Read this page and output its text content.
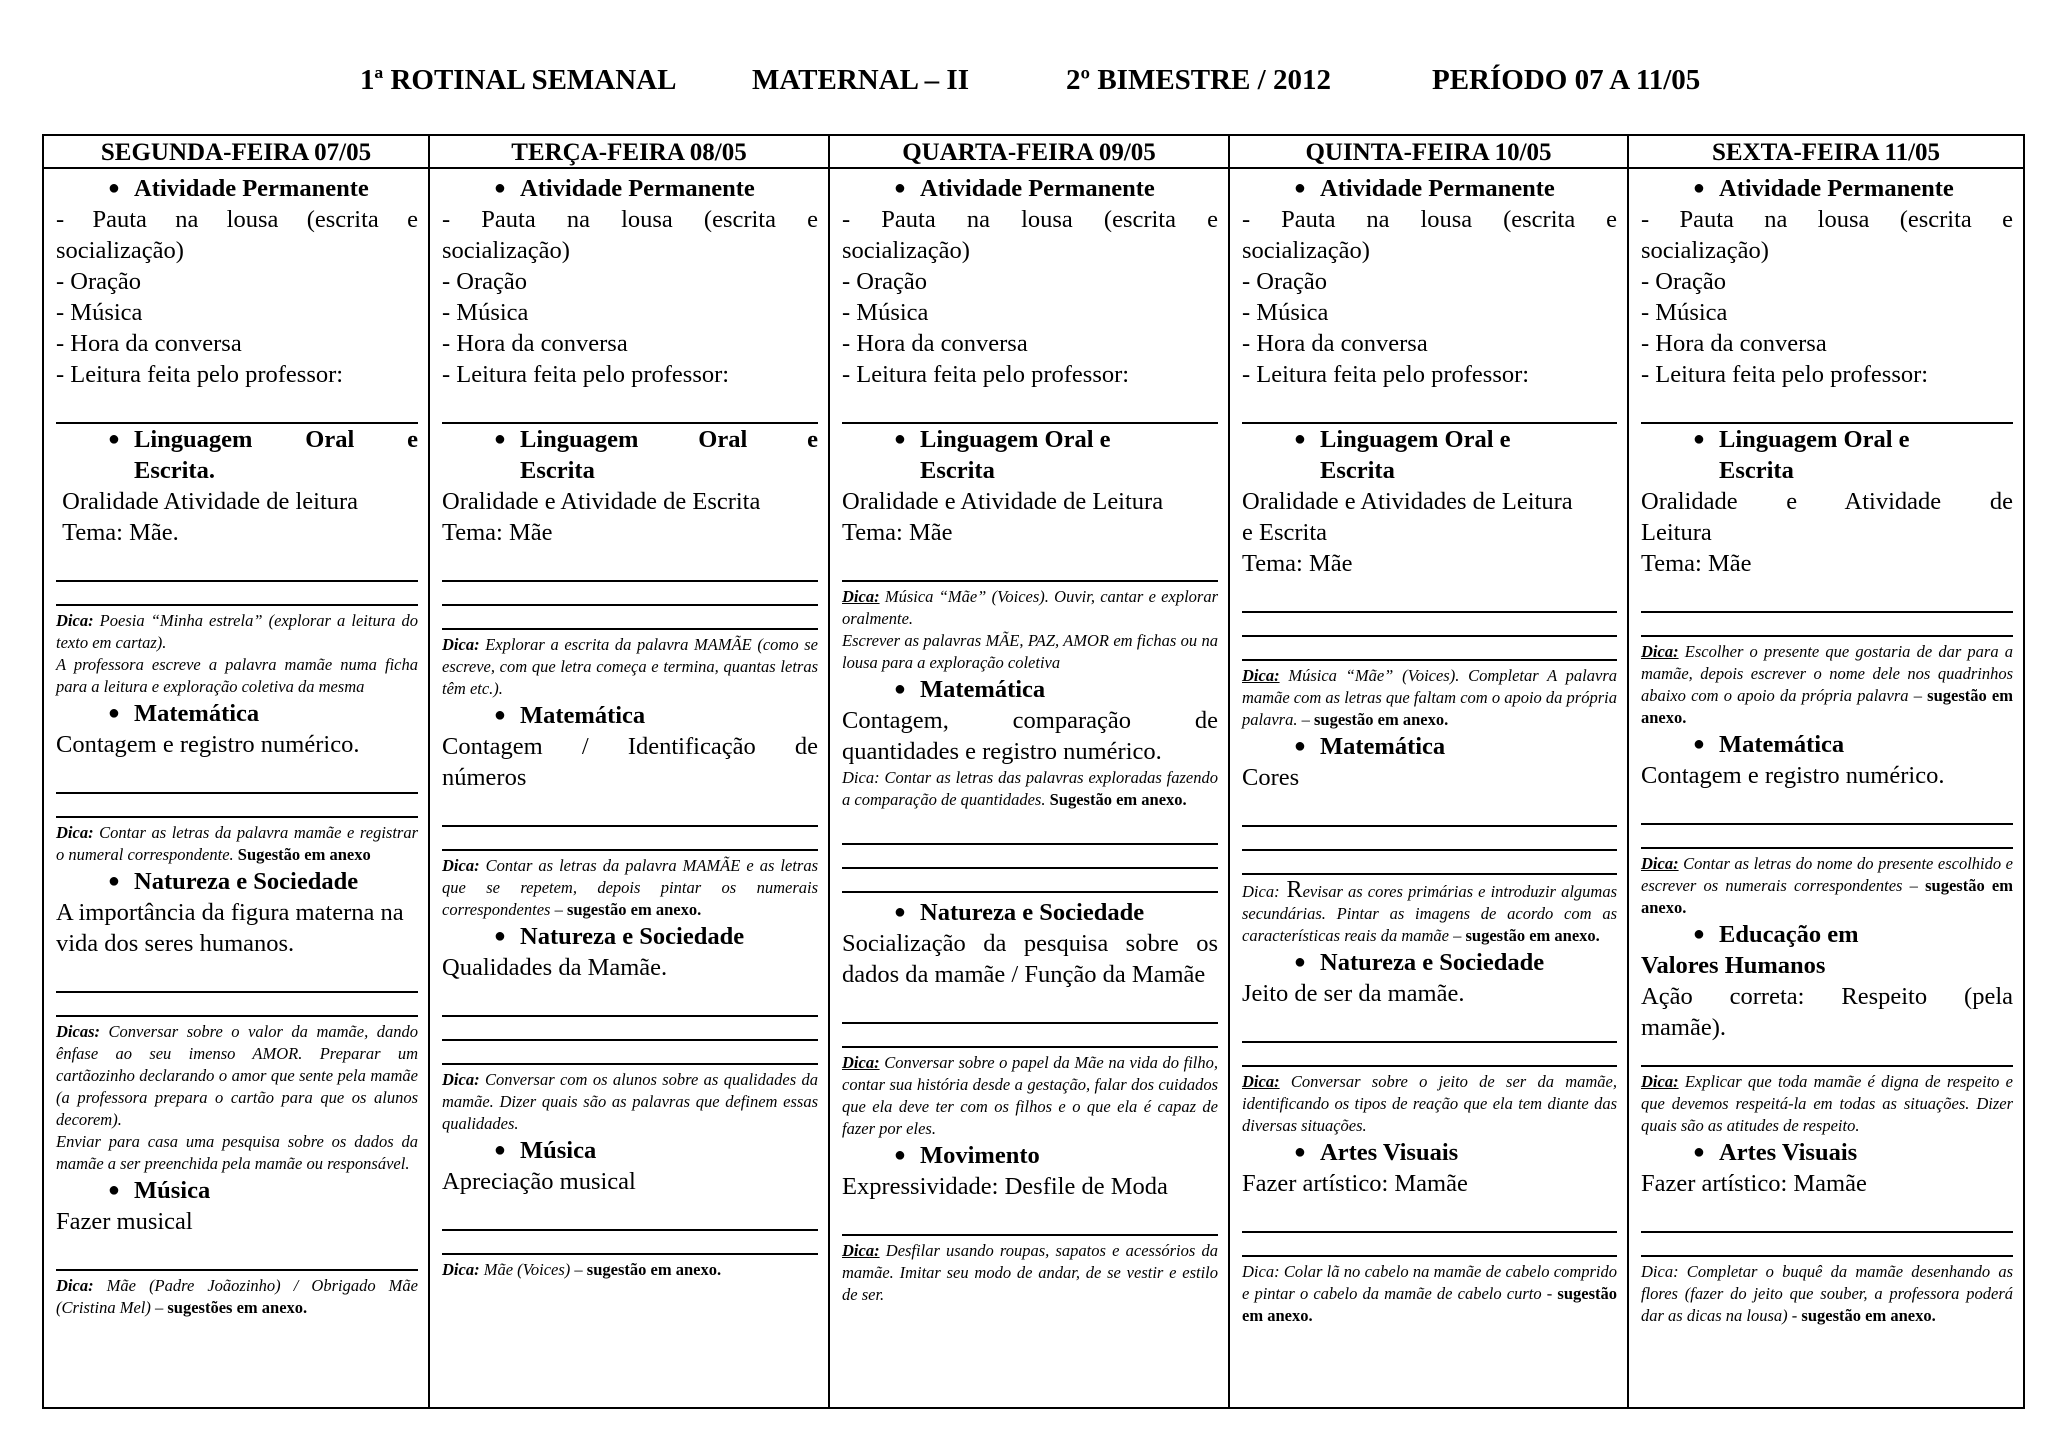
1ª ROTINAL SEMANAL	MATERNAL – II	2º BIMESTRE / 2012	PERÍODO 07 A 11/05
SEGUNDA-FEIRA 07/05
● Atividade Permanente
- Pauta na lousa (escrita e
socialização)
- Oração
- Música
- Hora da conversa
- Leitura feita pelo professor:
● Linguagem Oral e
Escrita.
Oralidade Atividade de leitura
Tema: Mãe.
Dica: Poesia “Minha estrela” (explorar a leitura do texto em cartaz).
A professora escreve a palavra mamãe numa ficha para a leitura e exploração coletiva da mesma
● Matemática
Contagem e registro numérico.
Dica: Contar as letras da palavra mamãe e registrar o numeral correspondente. Sugestão em anexo
● Natureza e Sociedade
A importância da figura materna na vida dos seres humanos.
Dicas: Conversar sobre o valor da mamãe, dando ênfase ao seu imenso AMOR. Preparar um cartãozinho declarando o amor que sente pela mamãe (a professora prepara o cartão para que os alunos decorem).
Enviar para casa uma pesquisa sobre os dados da mamãe a ser preenchida pela mamãe ou responsável.
● Música
Fazer musical
Dica: Mãe (Padre Joãozinho) / Obrigado Mãe (Cristina Mel) – sugestões em anexo.
TERÇA-FEIRA 08/05
● Atividade Permanente
- Pauta na lousa (escrita e
socialização)
- Oração
- Música
- Hora da conversa
- Leitura feita pelo professor:
● Linguagem Oral e
Escrita
Oralidade e Atividade de Escrita
Tema: Mãe
Dica: Explorar a escrita da palavra MAMÃE (como se escreve, com que letra começa e termina, quantas letras têm etc.).
● Matemática
Contagem / Identificação de
números
Dica: Contar as letras da palavra MAMÃE e as letras que se repetem, depois pintar os numerais correspondentes – sugestão em anexo.
● Natureza e Sociedade
Qualidades da Mamãe.
Dica: Conversar com os alunos sobre as qualidades da mamãe. Dizer quais são as palavras que definem essas qualidades.
● Música
Apreciação musical
Dica: Mãe (Voices) – sugestão em anexo.
QUARTA-FEIRA 09/05
● Atividade Permanente
- Pauta na lousa (escrita e
socialização)
- Oração
- Música
- Hora da conversa
- Leitura feita pelo professor:
● Linguagem Oral e
Escrita
Oralidade e Atividade de Leitura
Tema: Mãe
Dica: Música “Mãe” (Voices). Ouvir, cantar e explorar oralmente.
Escrever as palavras MÃE, PAZ, AMOR em fichas ou na lousa para a exploração coletiva
● Matemática
Contagem, comparação de
quantidades e registro numérico.
Dica: Contar as letras das palavras exploradas fazendo a comparação de quantidades. Sugestão em anexo.
● Natureza e Sociedade
Socialização da pesquisa sobre os dados da mamãe / Função da Mamãe
Dica: Conversar sobre o papel da Mãe na vida do filho, contar sua história desde a gestação, falar dos cuidados que ela deve ter com os filhos e o que ela é capaz de fazer por eles.
● Movimento
Expressividade: Desfile de Moda
Dica: Desfilar usando roupas, sapatos e acessórios da mamãe. Imitar seu modo de andar, de se vestir e estilo de ser.
QUINTA-FEIRA 10/05
● Atividade Permanente
- Pauta na lousa (escrita e
socialização)
- Oração
- Música
- Hora da conversa
- Leitura feita pelo professor:
● Linguagem Oral e
Escrita
Oralidade e Atividades de Leitura
e Escrita
Tema: Mãe
Dica: Música “Mãe” (Voices). Completar A palavra mamãe com as letras que faltam com o apoio da própria palavra. – sugestão em anexo.
● Matemática
Cores
Dica: Revisar as cores primárias e introduzir algumas secundárias. Pintar as imagens de acordo com as características reais da mamãe – sugestão em anexo.
● Natureza e Sociedade
Jeito de ser da mamãe.
Dica: Conversar sobre o jeito de ser da mamãe, identificando os tipos de reação que ela tem diante das diversas situações.
● Artes Visuais
Fazer artístico: Mamãe
Dica: Colar lã no cabelo na mamãe de cabelo comprido e pintar o cabelo da mamãe de cabelo curto - sugestão em anexo.
SEXTA-FEIRA 11/05
● Atividade Permanente
- Pauta na lousa (escrita e
socialização)
- Oração
- Música
- Hora da conversa
- Leitura feita pelo professor:
● Linguagem Oral e
Escrita
Oralidade e Atividade de
Leitura
Tema: Mãe
Dica: Escolher o presente que gostaria de dar para a mamãe, depois escrever o nome dele nos quadrinhos abaixo com o apoio da própria palavra – sugestão em anexo.
● Matemática
Contagem e registro numérico.
Dica: Contar as letras do nome do presente escolhido e escrever os numerais correspondentes – sugestão em anexo.
● Educação em
Valores Humanos
Ação correta: Respeito (pela
mamãe).
Dica: Explicar que toda mamãe é digna de respeito e que devemos respeitá-la em todas as situações. Dizer quais são as atitudes de respeito.
● Artes Visuais
Fazer artístico: Mamãe
Dica: Completar o buquê da mamãe desenhando as flores (fazer do jeito que souber, a professora poderá dar as dicas na lousa) - sugestão em anexo.
